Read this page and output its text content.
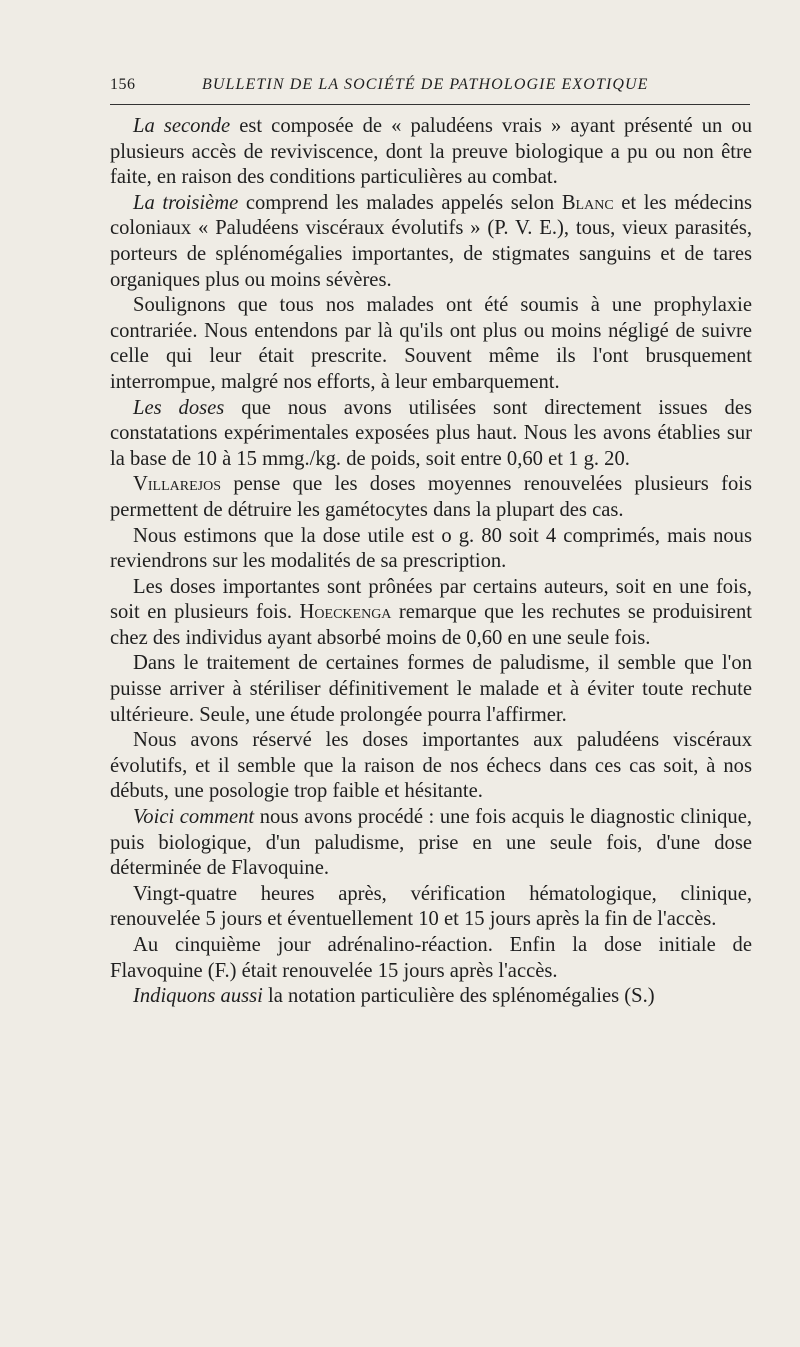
156	BULLETIN DE LA SOCIÉTÉ DE PATHOLOGIE EXOTIQUE

La seconde est composée de « paludéens vrais » ayant présenté un ou plusieurs accès de reviviscence, dont la preuve biologique a pu ou non être faite, en raison des conditions particulières au combat.

La troisième comprend les malades appelés selon Blanc et les médecins coloniaux « Paludéens viscéraux évolutifs » (P. V. E.), tous, vieux parasités, porteurs de splénomégalies importantes, de stigmates sanguins et de tares organiques plus ou moins sévères.

Soulignons que tous nos malades ont été soumis à une prophylaxie contrariée. Nous entendons par là qu'ils ont plus ou moins négligé de suivre celle qui leur était prescrite. Souvent même ils l'ont brusquement interrompue, malgré nos efforts, à leur embarquement.

Les doses que nous avons utilisées sont directement issues des constatations expérimentales exposées plus haut. Nous les avons établies sur la base de 10 à 15 mmg./kg. de poids, soit entre 0,60 et 1 g. 20.

Villarejos pense que les doses moyennes renouvelées plusieurs fois permettent de détruire les gamétocytes dans la plupart des cas.

Nous estimons que la dose utile est o g. 80 soit 4 comprimés, mais nous reviendrons sur les modalités de sa prescription.

Les doses importantes sont prônées par certains auteurs, soit en une fois, soit en plusieurs fois. Hoeckenga remarque que les rechutes se produisirent chez des individus ayant absorbé moins de 0,60 en une seule fois.

Dans le traitement de certaines formes de paludisme, il semble que l'on puisse arriver à stériliser définitivement le malade et à éviter toute rechute ultérieure. Seule, une étude prolongée pourra l'affirmer.

Nous avons réservé les doses importantes aux paludéens viscéraux évolutifs, et il semble que la raison de nos échecs dans ces cas soit, à nos débuts, une posologie trop faible et hésitante.

Voici comment nous avons procédé : une fois acquis le diagnostic clinique, puis biologique, d'un paludisme, prise en une seule fois, d'une dose déterminée de Flavoquine.

Vingt-quatre heures après, vérification hématologique, clinique, renouvelée 5 jours et éventuellement 10 et 15 jours après la fin de l'accès.

Au cinquième jour adrénalino-réaction. Enfin la dose initiale de Flavoquine (F.) était renouvelée 15 jours après l'accès.

Indiquons aussi la notation particulière des splénomégalies (S.)
